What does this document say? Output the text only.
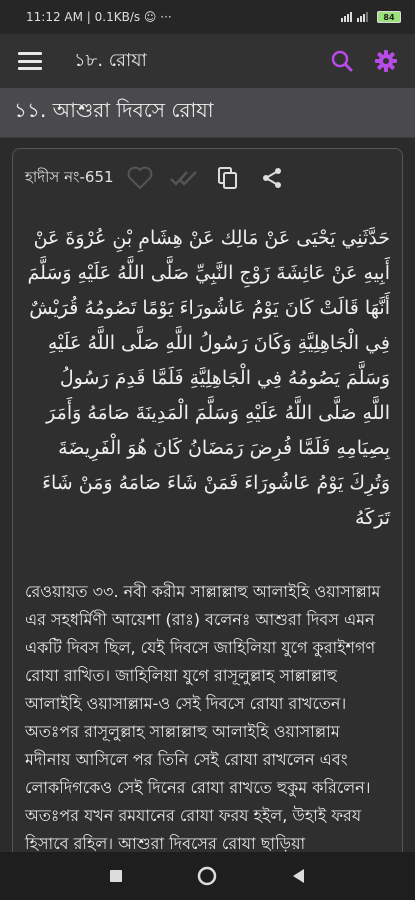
11:12 AM | 0.1KB/s ☺ ···	84
১৮. রোযা
১১. আশুরা দিবসে রোযা
হাদীস নং-651

حَدَّثَنِي يَحْيَى عَنْ مَالِك عَنْ هِشَامِ بْنِ عُرْوَةَ عَنْ أَبِيهِ عَنْ عَائِشَةَ زَوْجِ النَّبِيِّ صَلَّى اللَّهُ عَلَيْهِ وَسَلَّمَ أَنَّهَا قَالَتْ كَانَ يَوْمُ عَاشُورَاءَ يَوْمًا تَصُومُهُ قُرَيْشٌ فِي الْجَاهِلِيَّةِ وَكَانَ رَسُولُ اللَّهِ صَلَّى اللَّهُ عَلَيْهِ وَسَلَّمَ يَصُومُهُ فِي الْجَاهِلِيَّةِ فَلَمَّا قَدِمَ رَسُولُ اللَّهِ صَلَّى اللَّهُ عَلَيْهِ وَسَلَّمَ الْمَدِينَةَ صَامَهُ وَأَمَرَ بِصِيَامِهِ فَلَمَّا فُرِضَ رَمَضَانُ كَانَ هُوَ الْفَرِيضَةَ وَتُرِكَ يَوْمُ عَاشُورَاءَ فَمَنْ شَاءَ صَامَهُ وَمَنْ شَاءَ تَرَكَهُ

রেওয়ায়ত ৩৩. নবী করীম সাল্লাল্লাহু আলাইহি ওয়াসাল্লাম এর সহধর্মিণী আয়েশা (রাঃ) বলেনঃ আশুরা দিবস এমন একটি দিবস ছিল, যেই দিবসে জাহিলিয়া যুগে কুরাইশগণ রোযা রাখিত। জাহিলিয়া যুগে রাসূলুল্লাহ সাল্লাল্লাহু আলাইহি ওয়াসাল্লাম-ও সেই দিবসে রোযা রাখতেন। অতঃপর রাসূলুল্লাহ সাল্লাল্লাহু আলাইহি ওয়াসাল্লাম মদীনায় আসিলে পর তিনি সেই রোযা রাখলেন এবং লোকদিগকেও সেই দিনের রোযা রাখতে হুকুম করিলেন। অতঃপর যখন রমযানের রোযা ফরয হইল, উহাই ফরয হিসাবে রহিল। আশুরা দিবসের রোযা ছাড়িয়া
